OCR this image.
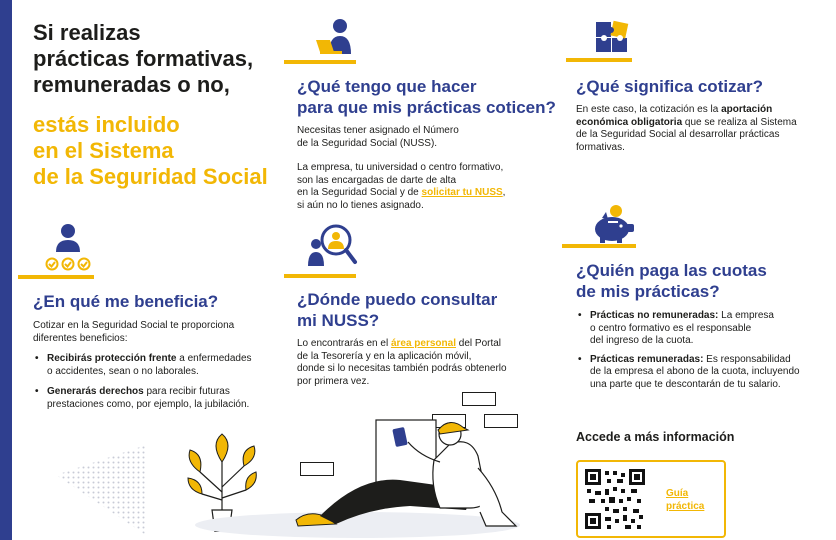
Si realizas
prácticas formativas,
remuneradas o no,
estás incluido
en el Sistema
de la Seguridad Social
¿Qué tengo que hacer
para que mis prácticas coticen?
Necesitas tener asignado el Número
de la Seguridad Social (NUSS).
La empresa, tu universidad o centro formativo,
son las encargadas de darte de alta
en la Seguridad Social y de solicitar tu NUSS,
si aún no lo tienes asignado.
¿Qué significa cotizar?
En este caso, la cotización es la aportación
económica obligatoria que se realiza al Sistema
de la Seguridad Social al desarrollar prácticas
formativas.
¿En qué me beneficia?
Cotizar en la Seguridad Social te proporciona
diferentes beneficios:
• Recibirás protección frente a enfermedades
o accidentes, sean o no laborales.
• Generarás derechos para recibir futuras
prestaciones como, por ejemplo, la jubilación.
¿Dónde puedo consultar
mi NUSS?
Lo encontrarás en el área personal del Portal
de la Tesorería y en la aplicación móvil,
donde si lo necesitas también podrás obtenerlo
por primera vez.
¿Quién paga las cuotas
de mis prácticas?
• Prácticas no remuneradas: La empresa
o centro formativo es el responsable
del ingreso de la cuota.
• Prácticas remuneradas: Es responsabilidad
de la empresa el abono de la cuota, incluyendo
una parte que te descontarán de tu salario.
Accede a más información
Guía
práctica
